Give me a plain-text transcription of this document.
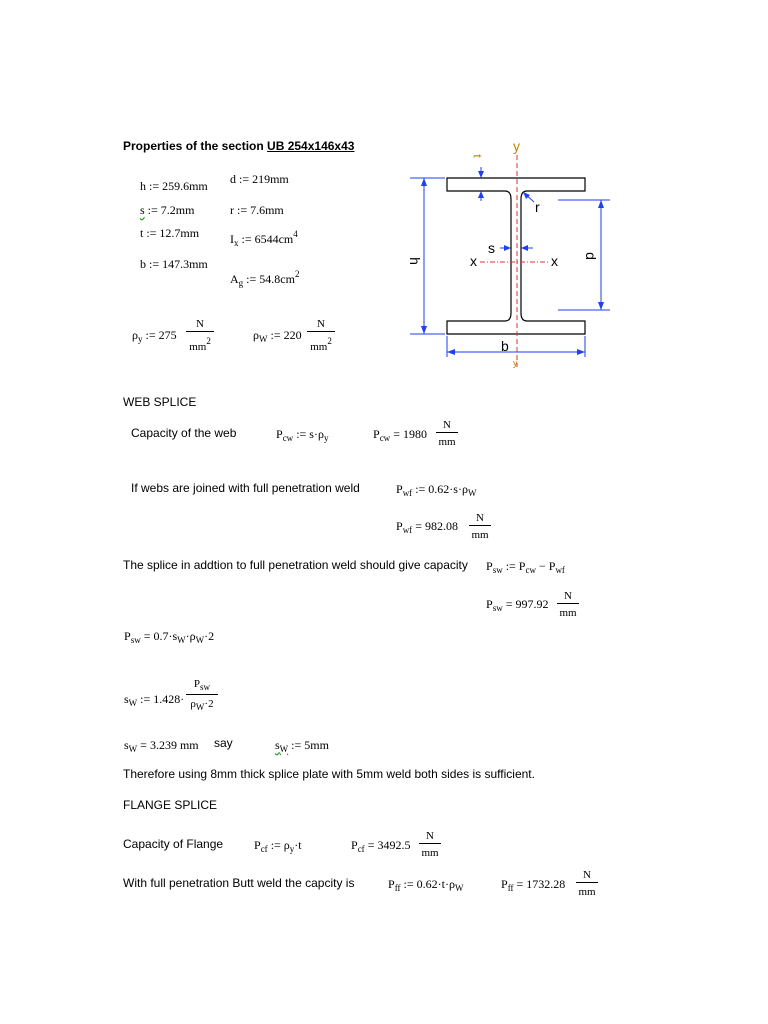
Properties of the section UB 254x146x43
h := 259.6mm
s := 7.2mm
t := 12.7mm
b := 147.3mm
d := 219mm
r := 7.6mm
$I_x$ := $6544cm^4$
$A_g$ := $54.8cm^2$
$\rho_y$ := $275 \frac{N}{mm^2}$	$\rho_W$ := $220 \frac{N}{mm^2}$
y
t
r
s
x	x
h
d
b
y
WEB SPLICE
Capacity of the web	$P_{cw}$ := $s\cdot\rho_y$	$P_{cw} = 1980 \frac{N}{mm}$
If webs are joined with full penetration weld	$P_{wf}$ := $0.62\cdot s\cdot\rho_W$
$P_{wf} = 982.08 \frac{N}{mm}$
The splice in addtion to full penetration weld should give capacity $P_{sw}$ := $P_{cw} - P_{wf}$
$P_{sw} = 997.92 \frac{N}{mm}$
$P_{sw} = 0.7\cdot s_W\cdot\rho_W\cdot 2$
$s_W$ := 1.428·
$P_{sw}$
$\rho_W\cdot 2$
$s_W = 3.239$ mm say	$s_W$ := 5mm
Therefore using 8mm thick splice plate with 5mm weld both sides is sufficient.
FLANGE SPLICE
Capacity of Flange	$P_{cf}$ := $\rho_y\cdot t$	$P_{cf} = 3492.5 \frac{N}{mm}$
With full penetration Butt weld the capcity is	$P_{ff}$ := $0.62\cdot t\cdot\rho_W$	$P_{ff} = 1732.28 \frac{N}{mm}$
